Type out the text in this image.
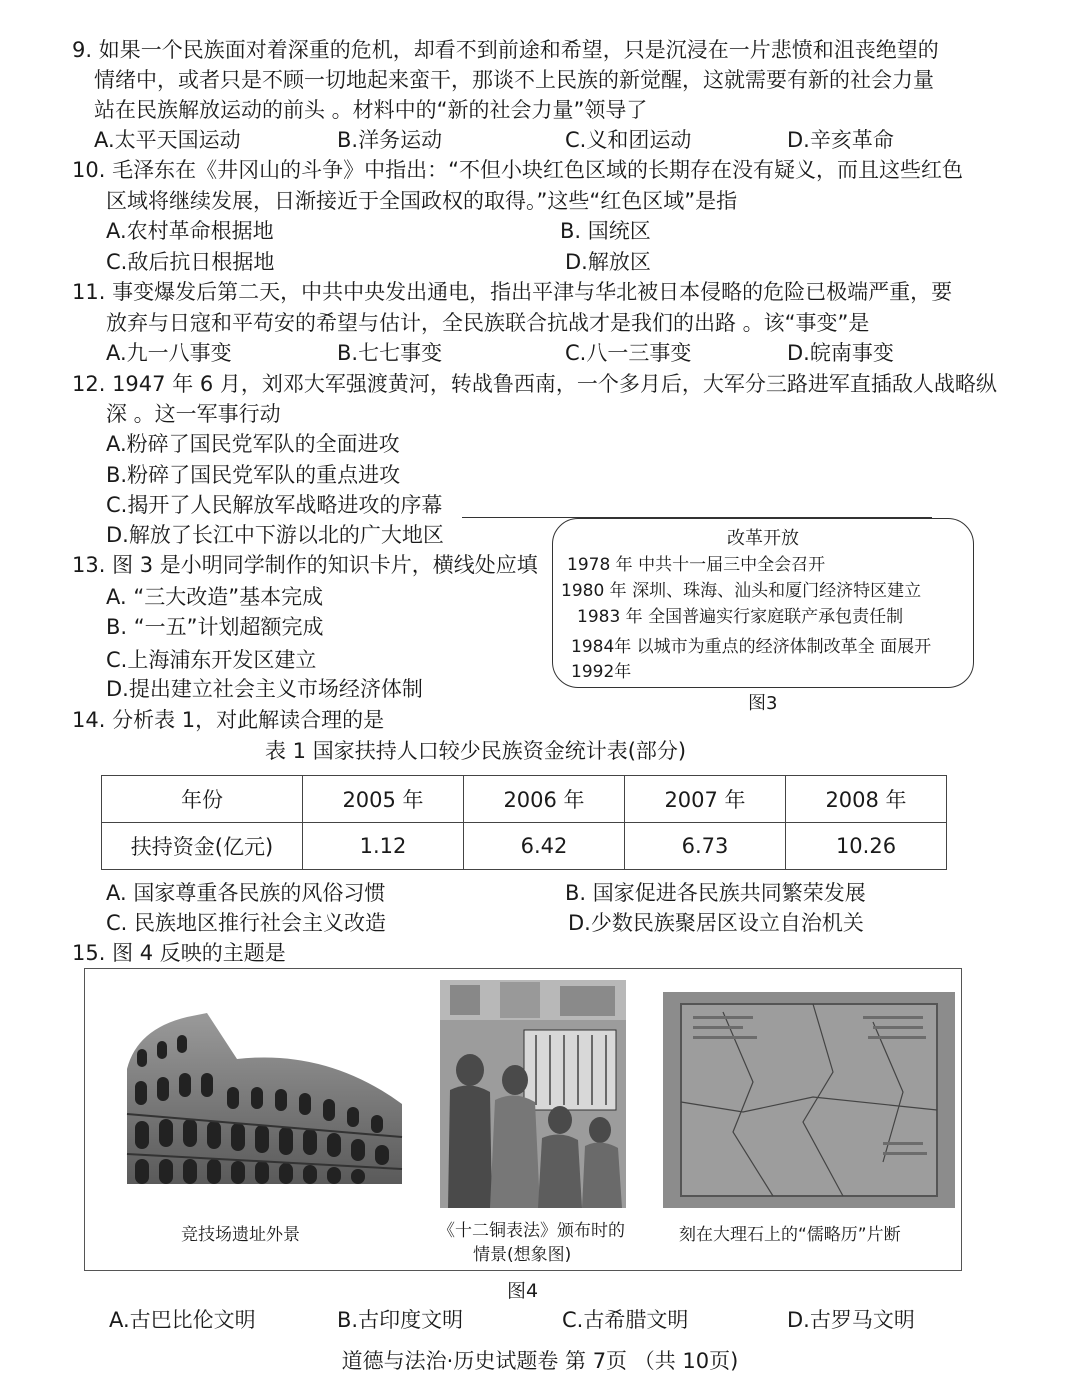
9. 如果一个民族面对着深重的危机，却看不到前途和希望，只是沉浸在一片悲愤和沮丧绝望的
情绪中，或者只是不顾一切地起来蛮干，那谈不上民族的新觉醒，这就需要有新的社会力量
站在民族解放运动的前头 。材料中的“新的社会力量”领导了
A.太平天国运动	B.洋务运动	C.义和团运动	D.辛亥革命
10. 毛泽东在《井冈山的斗争》中指出：“不但小块红色区域的长期存在没有疑义，而且这些红色
区域将继续发展，日渐接近于全国政权的取得。”这些“红色区域”是指
A.农村革命根据地	B. 国统区
C.敌后抗日根据地	D.解放区
11. 事变爆发后第二天，中共中央发出通电，指出平津与华北被日本侵略的危险已极端严重，要
放弃与日寇和平苟安的希望与估计，全民族联合抗战才是我们的出路 。该“事变”是
A.九一八事变	B.七七事变	C.八一三事变	D.皖南事变
12. 1947 年 6 月，刘邓大军强渡黄河，转战鲁西南，一个多月后，大军分三路进军直插敌人战略纵
深 。这一军事行动
A.粉碎了国民党军队的全面进攻
B.粉碎了国民党军队的重点进攻
C.揭开了人民解放军战略进攻的序幕
D.解放了长江中下游以北的广大地区
13. 图 3 是小明同学制作的知识卡片，横线处应填
A. “三大改造”基本完成
B. “一五”计划超额完成
C.上海浦东开发区建立
D.提出建立社会主义市场经济体制
改革开放
1978 年 中共十一届三中全会召开
1980 年 深圳、珠海、汕头和厦门经济特区建立
1983 年 全国普遍实行家庭联产承包责任制
1984年 以城市为重点的经济体制改革全 面展开
1992年
图3
14. 分析表 1，对此解读合理的是
表 1 国家扶持人口较少民族资金统计表(部分)
年份	2005 年	2006 年	2007 年	2008 年
扶持资金(亿元)	1.12	6.42	6.73	10.26
A. 国家尊重各民族的风俗习惯	B. 国家促进各民族共同繁荣发展
C. 民族地区推行社会主义改造	D.少数民族聚居区设立自治机关
15. 图 4 反映的主题是
竞技场遗址外景	《十二铜表法》颁布时的
情景(想象图)
刻在大理石上的“儒略历”片断
图4
A.古巴比伦文明	B.古印度文明	C.古希腊文明	D.古罗马文明
道德与法治·历史试题卷 第 7页 （共 10页)
